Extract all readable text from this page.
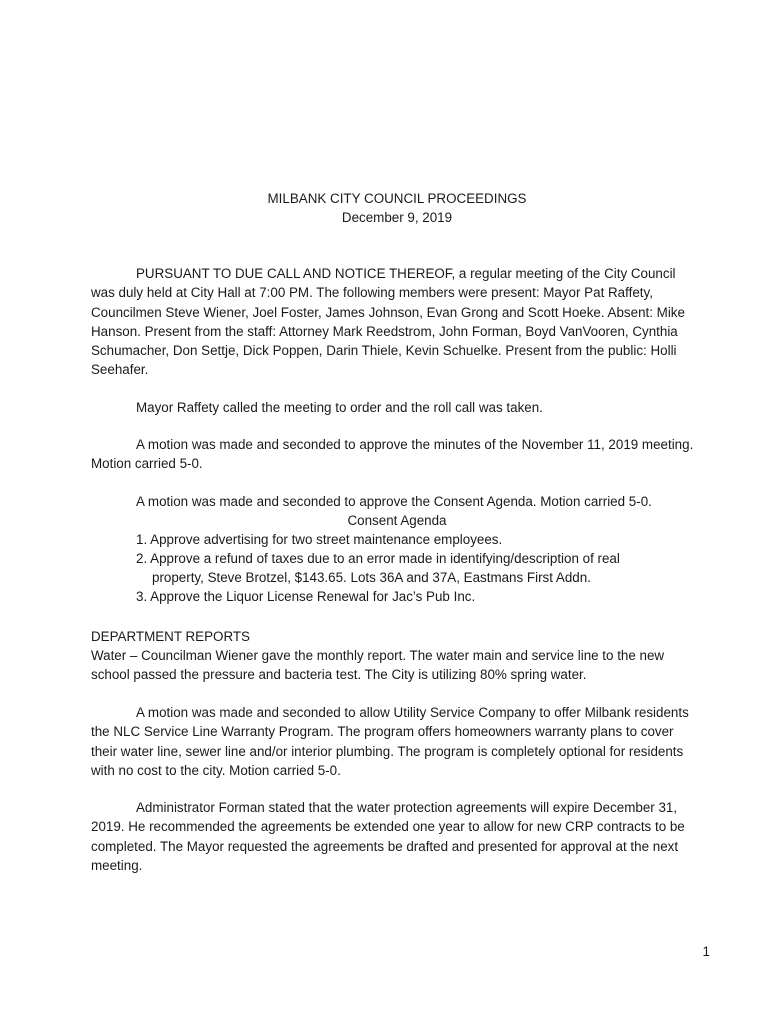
MILBANK CITY COUNCIL PROCEEDINGS
December 9, 2019
PURSUANT TO DUE CALL AND NOTICE THEREOF, a regular meeting of the City Council was duly held at City Hall at 7:00 PM. The following members were present: Mayor Pat Raffety, Councilmen Steve Wiener, Joel Foster, James Johnson, Evan Grong and Scott Hoeke. Absent: Mike Hanson. Present from the staff: Attorney Mark Reedstrom, John Forman, Boyd VanVooren, Cynthia Schumacher, Don Settje, Dick Poppen, Darin Thiele, Kevin Schuelke. Present from the public: Holli Seehafer.
Mayor Raffety called the meeting to order and the roll call was taken.
A motion was made and seconded to approve the minutes of the November 11, 2019 meeting. Motion carried 5-0.
A motion was made and seconded to approve the Consent Agenda. Motion carried 5-0.
Consent Agenda
1. Approve advertising for two street maintenance employees.
2. Approve a refund of taxes due to an error made in identifying/description of real
property, Steve Brotzel, $143.65. Lots 36A and 37A, Eastmans First Addn.
3. Approve the Liquor License Renewal for Jac’s Pub Inc.
DEPARTMENT REPORTS
Water – Councilman Wiener gave the monthly report. The water main and service line to the new school passed the pressure and bacteria test. The City is utilizing 80% spring water.
A motion was made and seconded to allow Utility Service Company to offer Milbank residents the NLC Service Line Warranty Program. The program offers homeowners warranty plans to cover their water line, sewer line and/or interior plumbing. The program is completely optional for residents with no cost to the city. Motion carried 5-0.
Administrator Forman stated that the water protection agreements will expire December 31, 2019. He recommended the agreements be extended one year to allow for new CRP contracts to be completed. The Mayor requested the agreements be drafted and presented for approval at the next meeting.
1
